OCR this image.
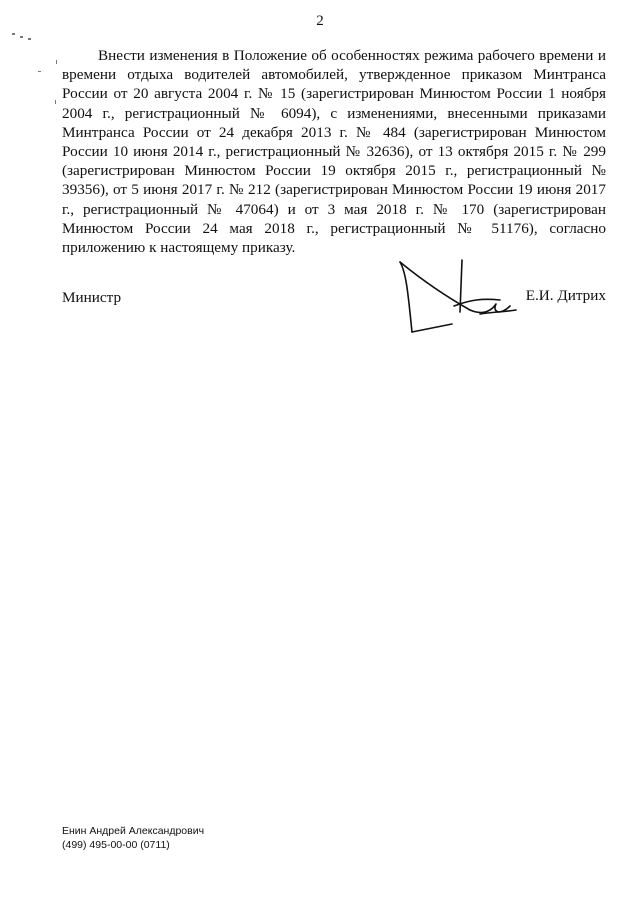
2

Внести изменения в Положение об особенностях режима рабочего времени и времени отдыха водителей автомобилей, утвержденное приказом Минтранса России от 20 августа 2004 г. № 15 (зарегистрирован Минюстом России 1 ноября 2004 г., регистрационный № 6094), с изменениями, внесенными приказами Минтранса России от 24 декабря 2013 г. № 484 (зарегистрирован Минюстом России 10 июня 2014 г., регистрационный № 32636), от 13 октября 2015 г. № 299 (зарегистрирован Минюстом России 19 октября 2015 г., регистрационный № 39356), от 5 июня 2017 г. № 212 (зарегистрирован Минюстом России 19 июня 2017 г., регистрационный № 47064) и от 3 мая 2018 г. № 170 (зарегистрирован Минюстом России 24 мая 2018 г., регистрационный № 51176), согласно приложению к настоящему приказу.

Министр	Е.И. Дитрих
Енин Андрей Александрович
(499) 495-00-00 (0711)
